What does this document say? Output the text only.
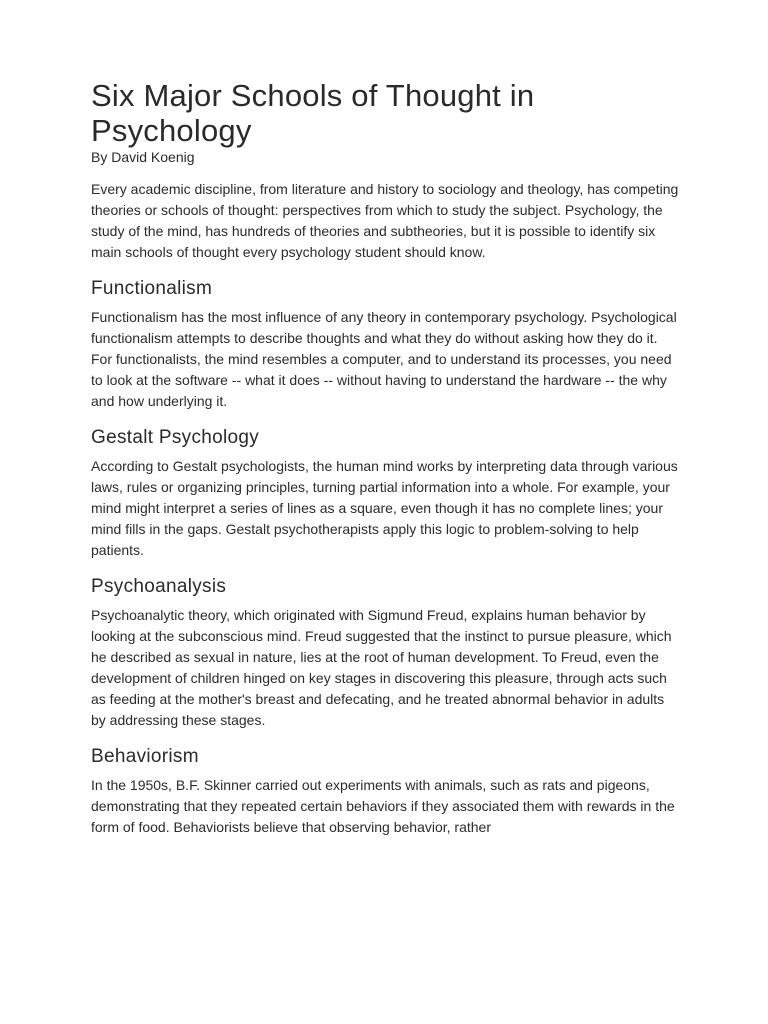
Six Major Schools of Thought in Psychology

By David Koenig

Every academic discipline, from literature and history to sociology and theology, has competing theories or schools of thought: perspectives from which to study the subject. Psychology, the study of the mind, has hundreds of theories and subtheories, but it is possible to identify six main schools of thought every psychology student should know.

Functionalism

Functionalism has the most influence of any theory in contemporary psychology. Psychological functionalism attempts to describe thoughts and what they do without asking how they do it. For functionalists, the mind resembles a computer, and to understand its processes, you need to look at the software -- what it does -- without having to understand the hardware -- the why and how underlying it.

Gestalt Psychology

According to Gestalt psychologists, the human mind works by interpreting data through various laws, rules or organizing principles, turning partial information into a whole. For example, your mind might interpret a series of lines as a square, even though it has no complete lines; your mind fills in the gaps. Gestalt psychotherapists apply this logic to problem-solving to help patients.

Psychoanalysis

Psychoanalytic theory, which originated with Sigmund Freud, explains human behavior by looking at the subconscious mind. Freud suggested that the instinct to pursue pleasure, which he described as sexual in nature, lies at the root of human development. To Freud, even the development of children hinged on key stages in discovering this pleasure, through acts such as feeding at the mother's breast and defecating, and he treated abnormal behavior in adults by addressing these stages.

Behaviorism

In the 1950s, B.F. Skinner carried out experiments with animals, such as rats and pigeons, demonstrating that they repeated certain behaviors if they associated them with rewards in the form of food. Behaviorists believe that observing behavior, rather
